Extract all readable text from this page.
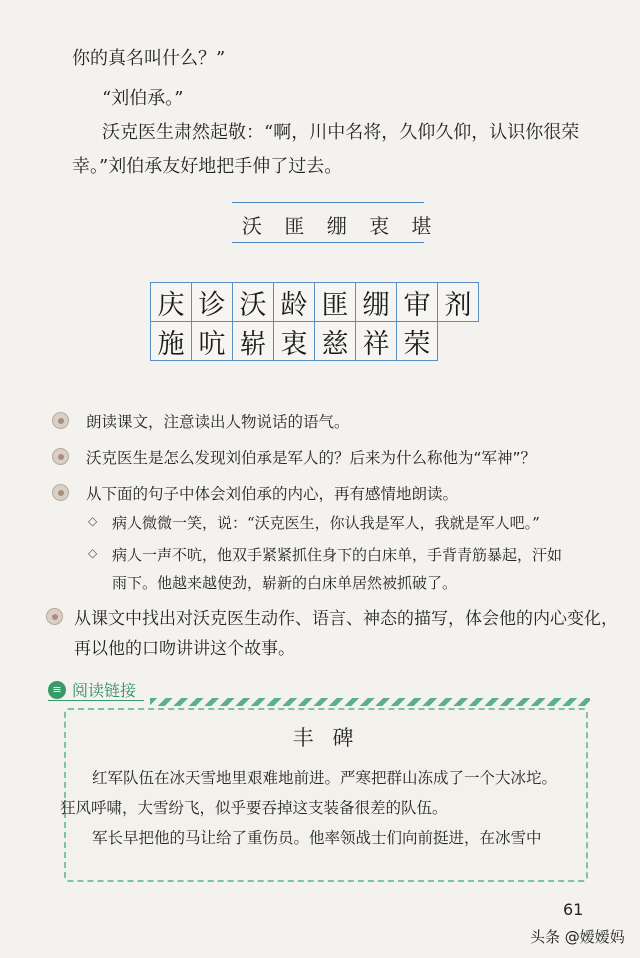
你的真名叫什么？”
“刘伯承。”
沃克医生肃然起敬：“啊，川中名将，久仰久仰，认识你很荣
幸。”刘伯承友好地把手伸了过去。
沃 匪 绷 衷 堪
庆 诊 沃 龄 匪 绷 审 剂
施 吭 崭 衷 慈 祥 荣
朗读课文，注意读出人物说话的语气。
沃克医生是怎么发现刘伯承是军人的？后来为什么称他为“军神”？
从下面的句子中体会刘伯承的内心，再有感情地朗读。
◇ 病人微微一笑，说：“沃克医生，你认我是军人，我就是军人吧。”
◇ 病人一声不吭，他双手紧紧抓住身下的白床单，手背青筋暴起，汗如
雨下。他越来越使劲，崭新的白床单居然被抓破了。
从课文中找出对沃克医生动作、语言、神态的描写，体会他的内心变化，
再以他的口吻讲讲这个故事。
≡ 阅读链接
丰 碑
红军队伍在冰天雪地里艰难地前进。严寒把群山冻成了一个大冰坨。
狂风呼啸，大雪纷飞，似乎要吞掉这支装备很差的队伍。
军长早把他的马让给了重伤员。他率领战士们向前挺进，在冰雪中
61
头条 @嫒嫒妈
